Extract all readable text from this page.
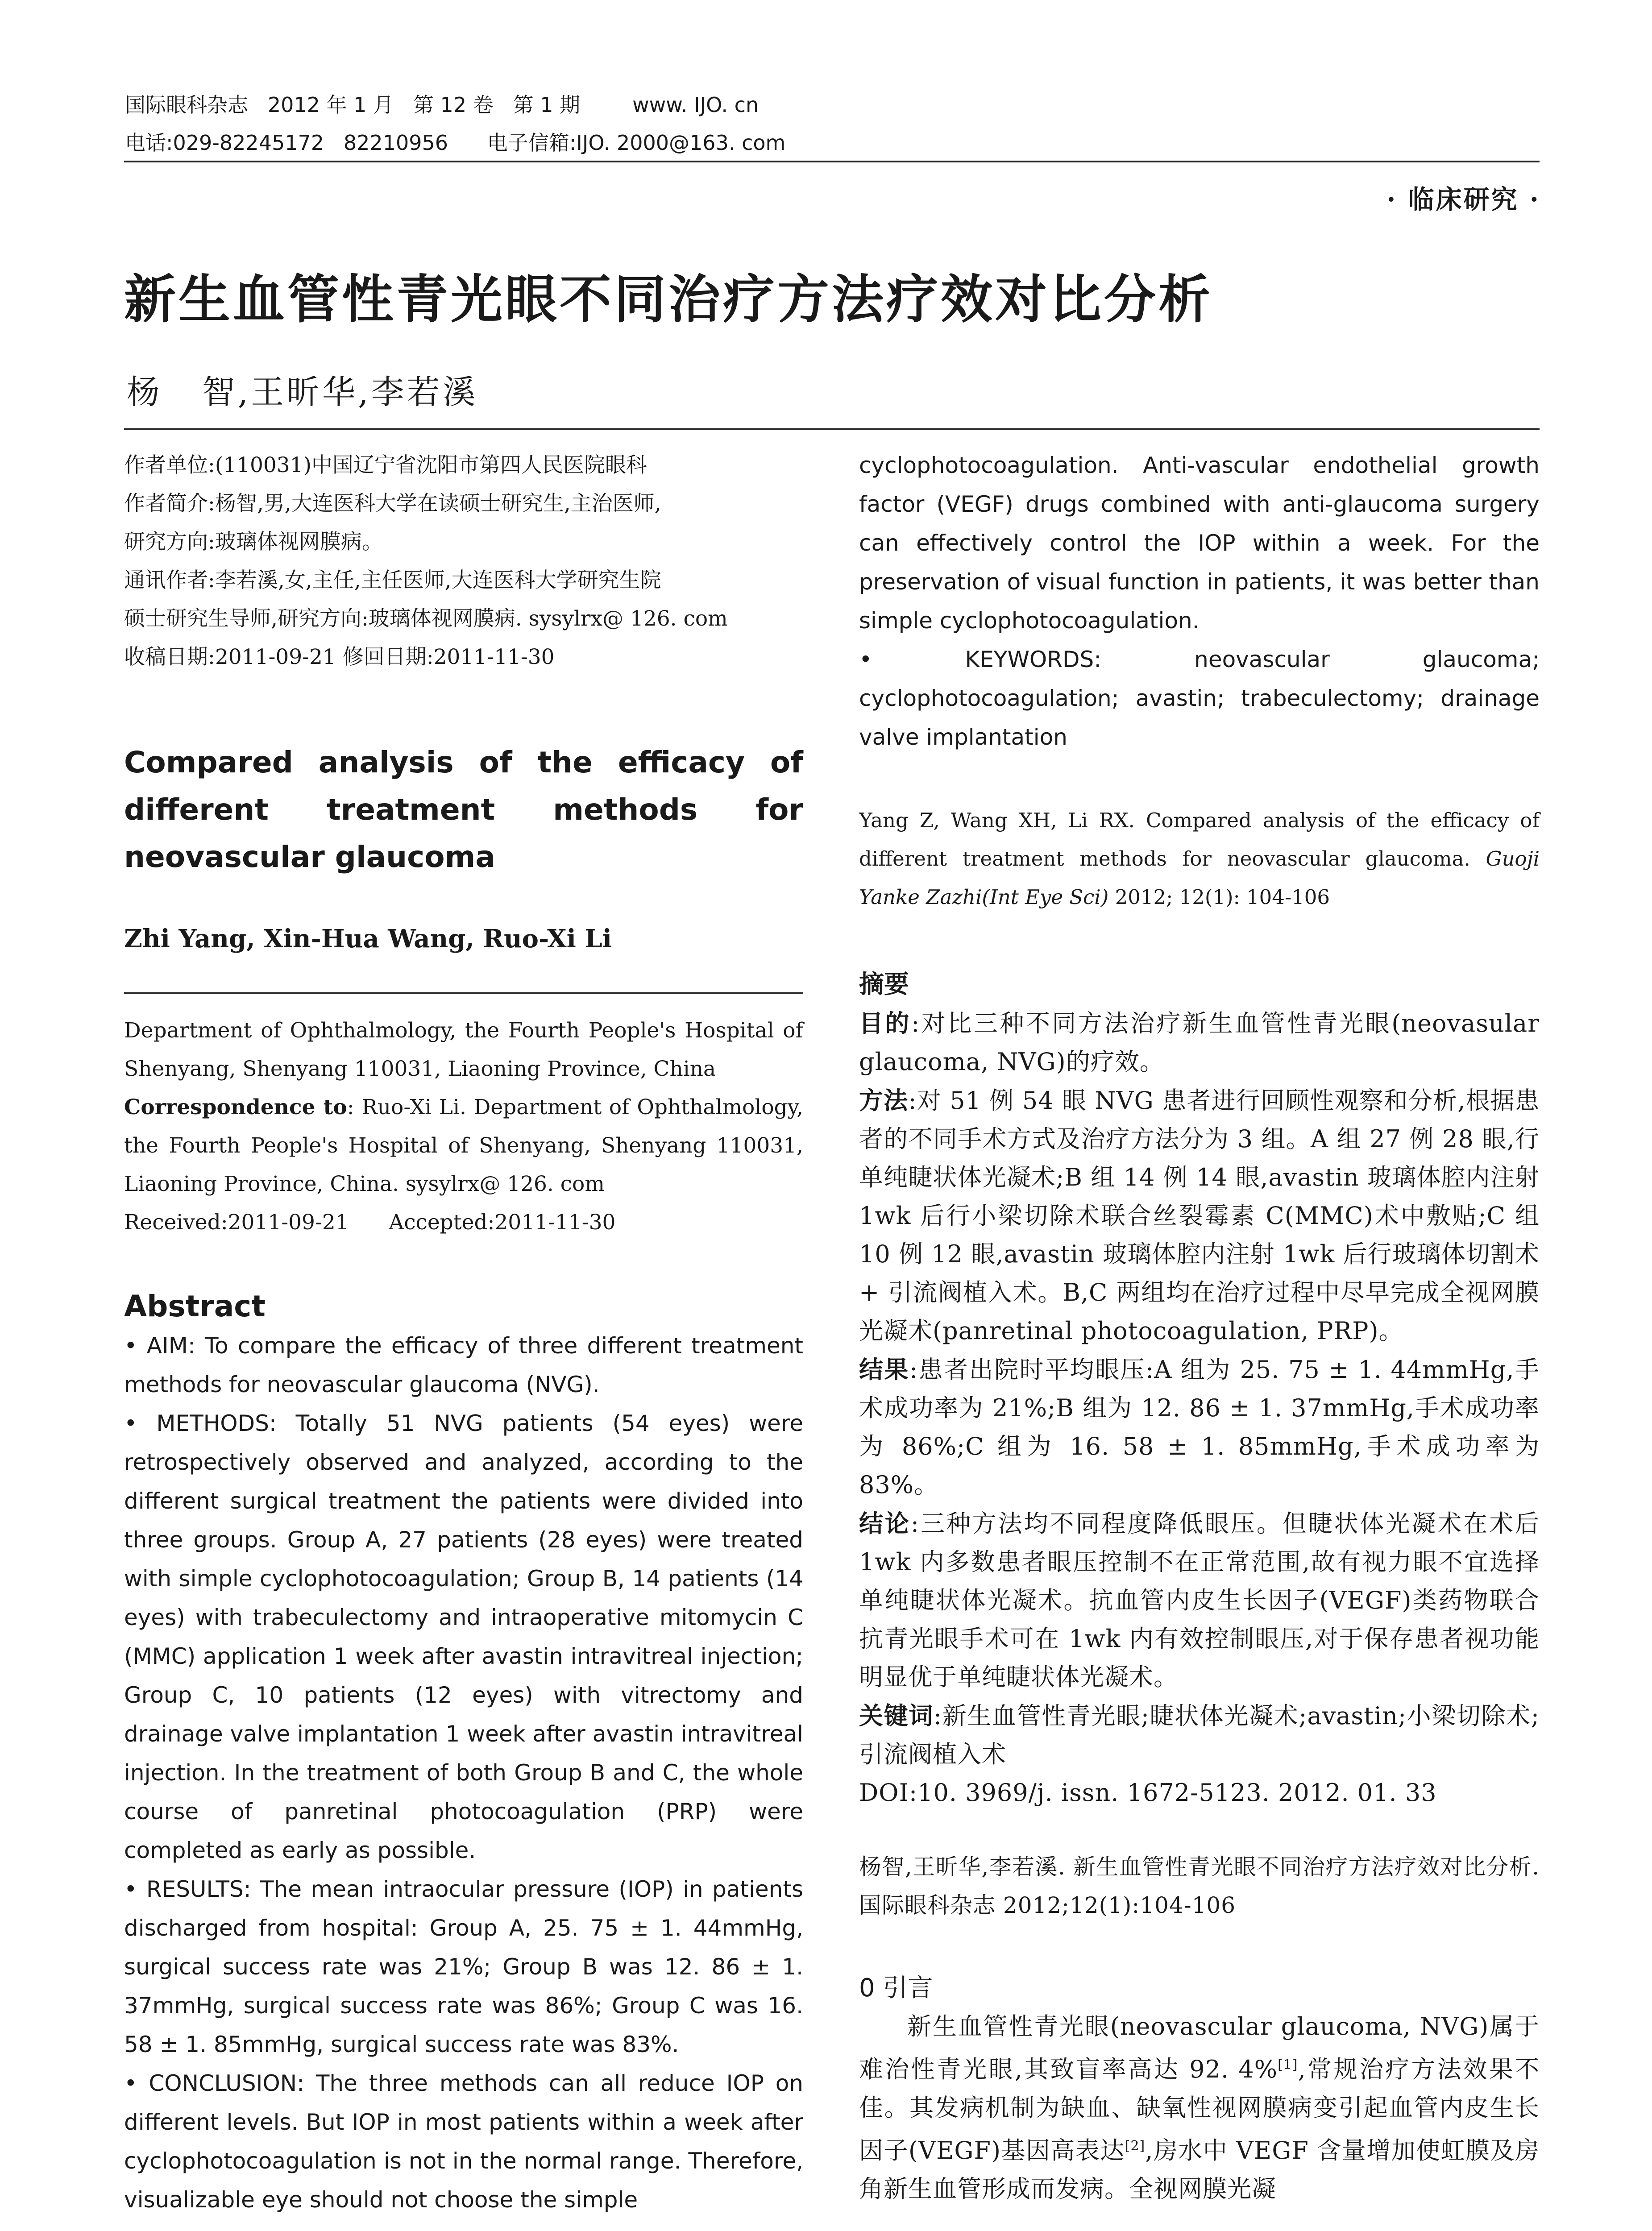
国际眼科杂志   2012 年 1 月   第 12 卷   第 1 期        www. IJO. cn
电话:029-82245172   82210956      电子信箱:IJO. 2000@163. com
· 临床研究 ·
新生血管性青光眼不同治疗方法疗效对比分析
杨   智,王昕华,李若溪

作者单位:(110031)中国辽宁省沈阳市第四人民医院眼科

作者简介:杨智,男,大连医科大学在读硕士研究生,主治医师,

研究方向:玻璃体视网膜病。

通讯作者:李若溪,女,主任,主任医师,大连医科大学研究生院

硕士研究生导师,研究方向:玻璃体视网膜病. sysylrx@ 126. com

收稿日期:2011-09-21 修回日期:2011-11-30

Compared analysis of the efficacy of different treatment methods for neovascular glaucoma
Zhi Yang, Xin-Hua Wang, Ruo-Xi Li

Department of Ophthalmology, the Fourth People's Hospital of Shenyang, Shenyang 110031, Liaoning Province, China

Correspondence to: Ruo-Xi Li. Department of Ophthalmology, the Fourth People's Hospital of Shenyang, Shenyang 110031, Liaoning Province, China. sysylrx@ 126. com

Received:2011-09-21      Accepted:2011-11-30

Abstract

• AIM: To compare the efficacy of three different treatment methods for neovascular glaucoma (NVG).

• METHODS: Totally 51 NVG patients (54 eyes) were retrospectively observed and analyzed, according to the different surgical treatment the patients were divided into three groups. Group A, 27 patients (28 eyes) were treated with simple cyclophotocoagulation; Group B, 14 patients (14 eyes) with trabeculectomy and intraoperative mitomycin C (MMC) application 1 week after avastin intravitreal injection; Group C, 10 patients (12 eyes) with vitrectomy and drainage valve implantation 1 week after avastin intravitreal injection. In the treatment of both Group B and C, the whole course of panretinal photocoagulation (PRP) were completed as early as possible.

• RESULTS: The mean intraocular pressure (IOP) in patients discharged from hospital: Group A, 25. 75 ± 1. 44mmHg, surgical success rate was 21%; Group B was 12. 86 ± 1. 37mmHg, surgical success rate was 86%; Group C was 16. 58 ± 1. 85mmHg, surgical success rate was 83%.

• CONCLUSION: The three methods can all reduce IOP on different levels. But IOP in most patients within a week after cyclophotocoagulation is not in the normal range. Therefore, visualizable eye should not choose the simple

cyclophotocoagulation. Anti-vascular endothelial growth factor (VEGF) drugs combined with anti-glaucoma surgery can effectively control the IOP within a week. For the preservation of visual function in patients, it was better than simple cyclophotocoagulation.

• KEYWORDS: neovascular glaucoma; cyclophotocoagulation; avastin; trabeculectomy; drainage valve implantation

Yang Z, Wang XH, Li RX. Compared analysis of the efficacy of different treatment methods for neovascular glaucoma. Guoji Yanke Zazhi(Int Eye Sci) 2012; 12(1): 104-106
摘要

目的:对比三种不同方法治疗新生血管性青光眼(neovasular glaucoma, NVG)的疗效。

方法:对 51 例 54 眼 NVG 患者进行回顾性观察和分析,根据患者的不同手术方式及治疗方法分为 3 组。A 组 27 例 28 眼,行单纯睫状体光凝术;B 组 14 例 14 眼,avastin 玻璃体腔内注射 1wk 后行小梁切除术联合丝裂霉素 C(MMC)术中敷贴;C 组 10 例 12 眼,avastin 玻璃体腔内注射 1wk 后行玻璃体切割术 + 引流阀植入术。B,C 两组均在治疗过程中尽早完成全视网膜光凝术(panretinal photocoagulation, PRP)。

结果:患者出院时平均眼压:A 组为 25. 75 ± 1. 44mmHg,手术成功率为 21%;B 组为 12. 86 ± 1. 37mmHg,手术成功率为 86%;C 组为 16. 58 ± 1. 85mmHg,手术成功率为 83%。

结论:三种方法均不同程度降低眼压。但睫状体光凝术在术后 1wk 内多数患者眼压控制不在正常范围,故有视力眼不宜选择单纯睫状体光凝术。抗血管内皮生长因子(VEGF)类药物联合抗青光眼手术可在 1wk 内有效控制眼压,对于保存患者视功能明显优于单纯睫状体光凝术。

关键词:新生血管性青光眼;睫状体光凝术;avastin;小梁切除术;引流阀植入术

DOI:10. 3969/j. issn. 1672-5123. 2012. 01. 33

杨智,王昕华,李若溪. 新生血管性青光眼不同治疗方法疗效对比分析. 国际眼科杂志 2012;12(1):104-106
0 引言

新生血管性青光眼(neovascular glaucoma, NVG)属于难治性青光眼,其致盲率高达 92. 4%[1],常规治疗方法效果不佳。其发病机制为缺血、缺氧性视网膜病变引起血管内皮生长因子(VEGF)基因高表达[2],房水中 VEGF 含量增加使虹膜及房角新生血管形成而发病。全视网膜光凝
